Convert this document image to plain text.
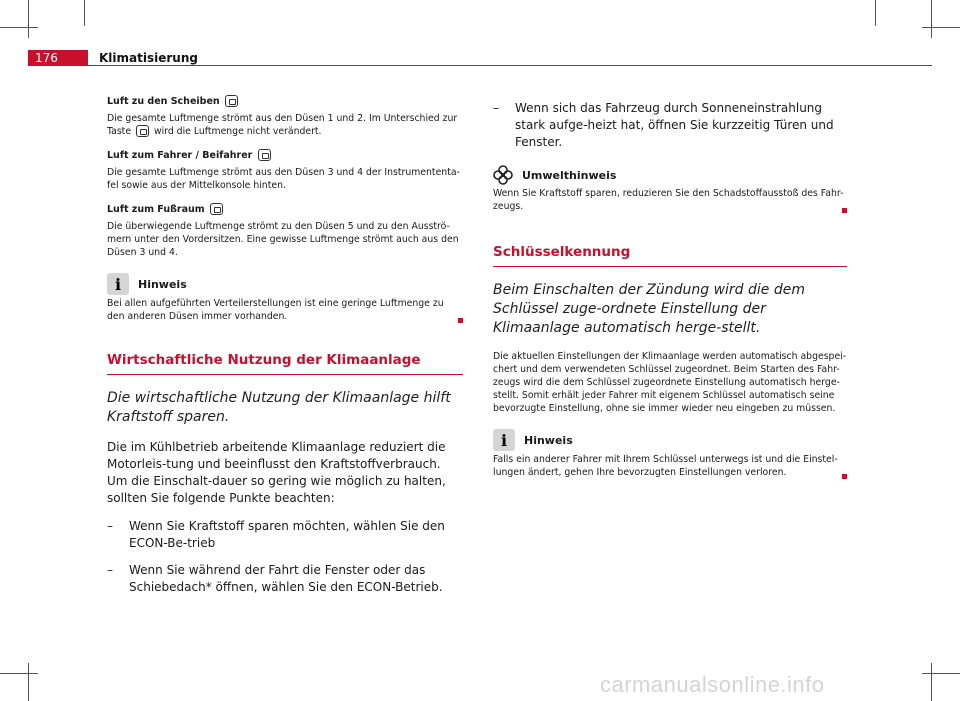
176	Klimatisierung
Luft zu den Scheiben

Die gesamte Luftmenge strömt aus den Düsen 1 und 2. Im Unterschied zur Taste wird die Luftmenge nicht verändert.

Luft zum Fahrer / Beifahrer

Die gesamte Luftmenge strömt aus den Düsen 3 und 4 der Instrumententa-fel sowie aus der Mittelkonsole hinten.

Luft zum Fußraum

Die überwiegende Luftmenge strömt zu den Düsen 5 und zu den Ausströ-mern unter den Vordersitzen. Eine gewisse Luftmenge strömt auch aus den Düsen 3 und 4.

i Hinweis

Bei allen aufgeführten Verteilerstellungen ist eine geringe Luftmenge zu den anderen Düsen immer vorhanden.

Wirtschaftliche Nutzung der Klimaanlage

Die wirtschaftliche Nutzung der Klimaanlage hilft Kraftstoff sparen.

Die im Kühlbetrieb arbeitende Klimaanlage reduziert die Motorleis-tung und beeinflusst den Kraftstoffverbrauch. Um die Einschalt-dauer so gering wie möglich zu halten, sollten Sie folgende Punkte beachten:

–	Wenn Sie Kraftstoff sparen möchten, wählen Sie den ECON-Be-trieb
–	Wenn Sie während der Fahrt die Fenster oder das Schiebedach* öffnen, wählen Sie den ECON-Betrieb.
–	Wenn sich das Fahrzeug durch Sonneneinstrahlung stark aufge-heizt hat, öffnen Sie kurzzeitig Türen und Fenster.
Umwelthinweis

Wenn Sie Kraftstoff sparen, reduzieren Sie den Schadstoffausstoß des Fahr-zeugs.

Schlüsselkennung

Beim Einschalten der Zündung wird die dem Schlüssel zuge-ordnete Einstellung der Klimaanlage automatisch herge-stellt.

Die aktuellen Einstellungen der Klimaanlage werden automatisch abgespei-chert und dem verwendeten Schlüssel zugeordnet. Beim Starten des Fahr-zeugs wird die dem Schlüssel zugeordnete Einstellung automatisch herge-stellt. Somit erhält jeder Fahrer mit eigenem Schlüssel automatisch seine bevorzugte Einstellung, ohne sie immer wieder neu eingeben zu müssen.

i Hinweis

Falls ein anderer Fahrer mit Ihrem Schlüssel unterwegs ist und die Einstel-lungen ändert, gehen Ihre bevorzugten Einstellungen verloren.

carmanualsonline.info
